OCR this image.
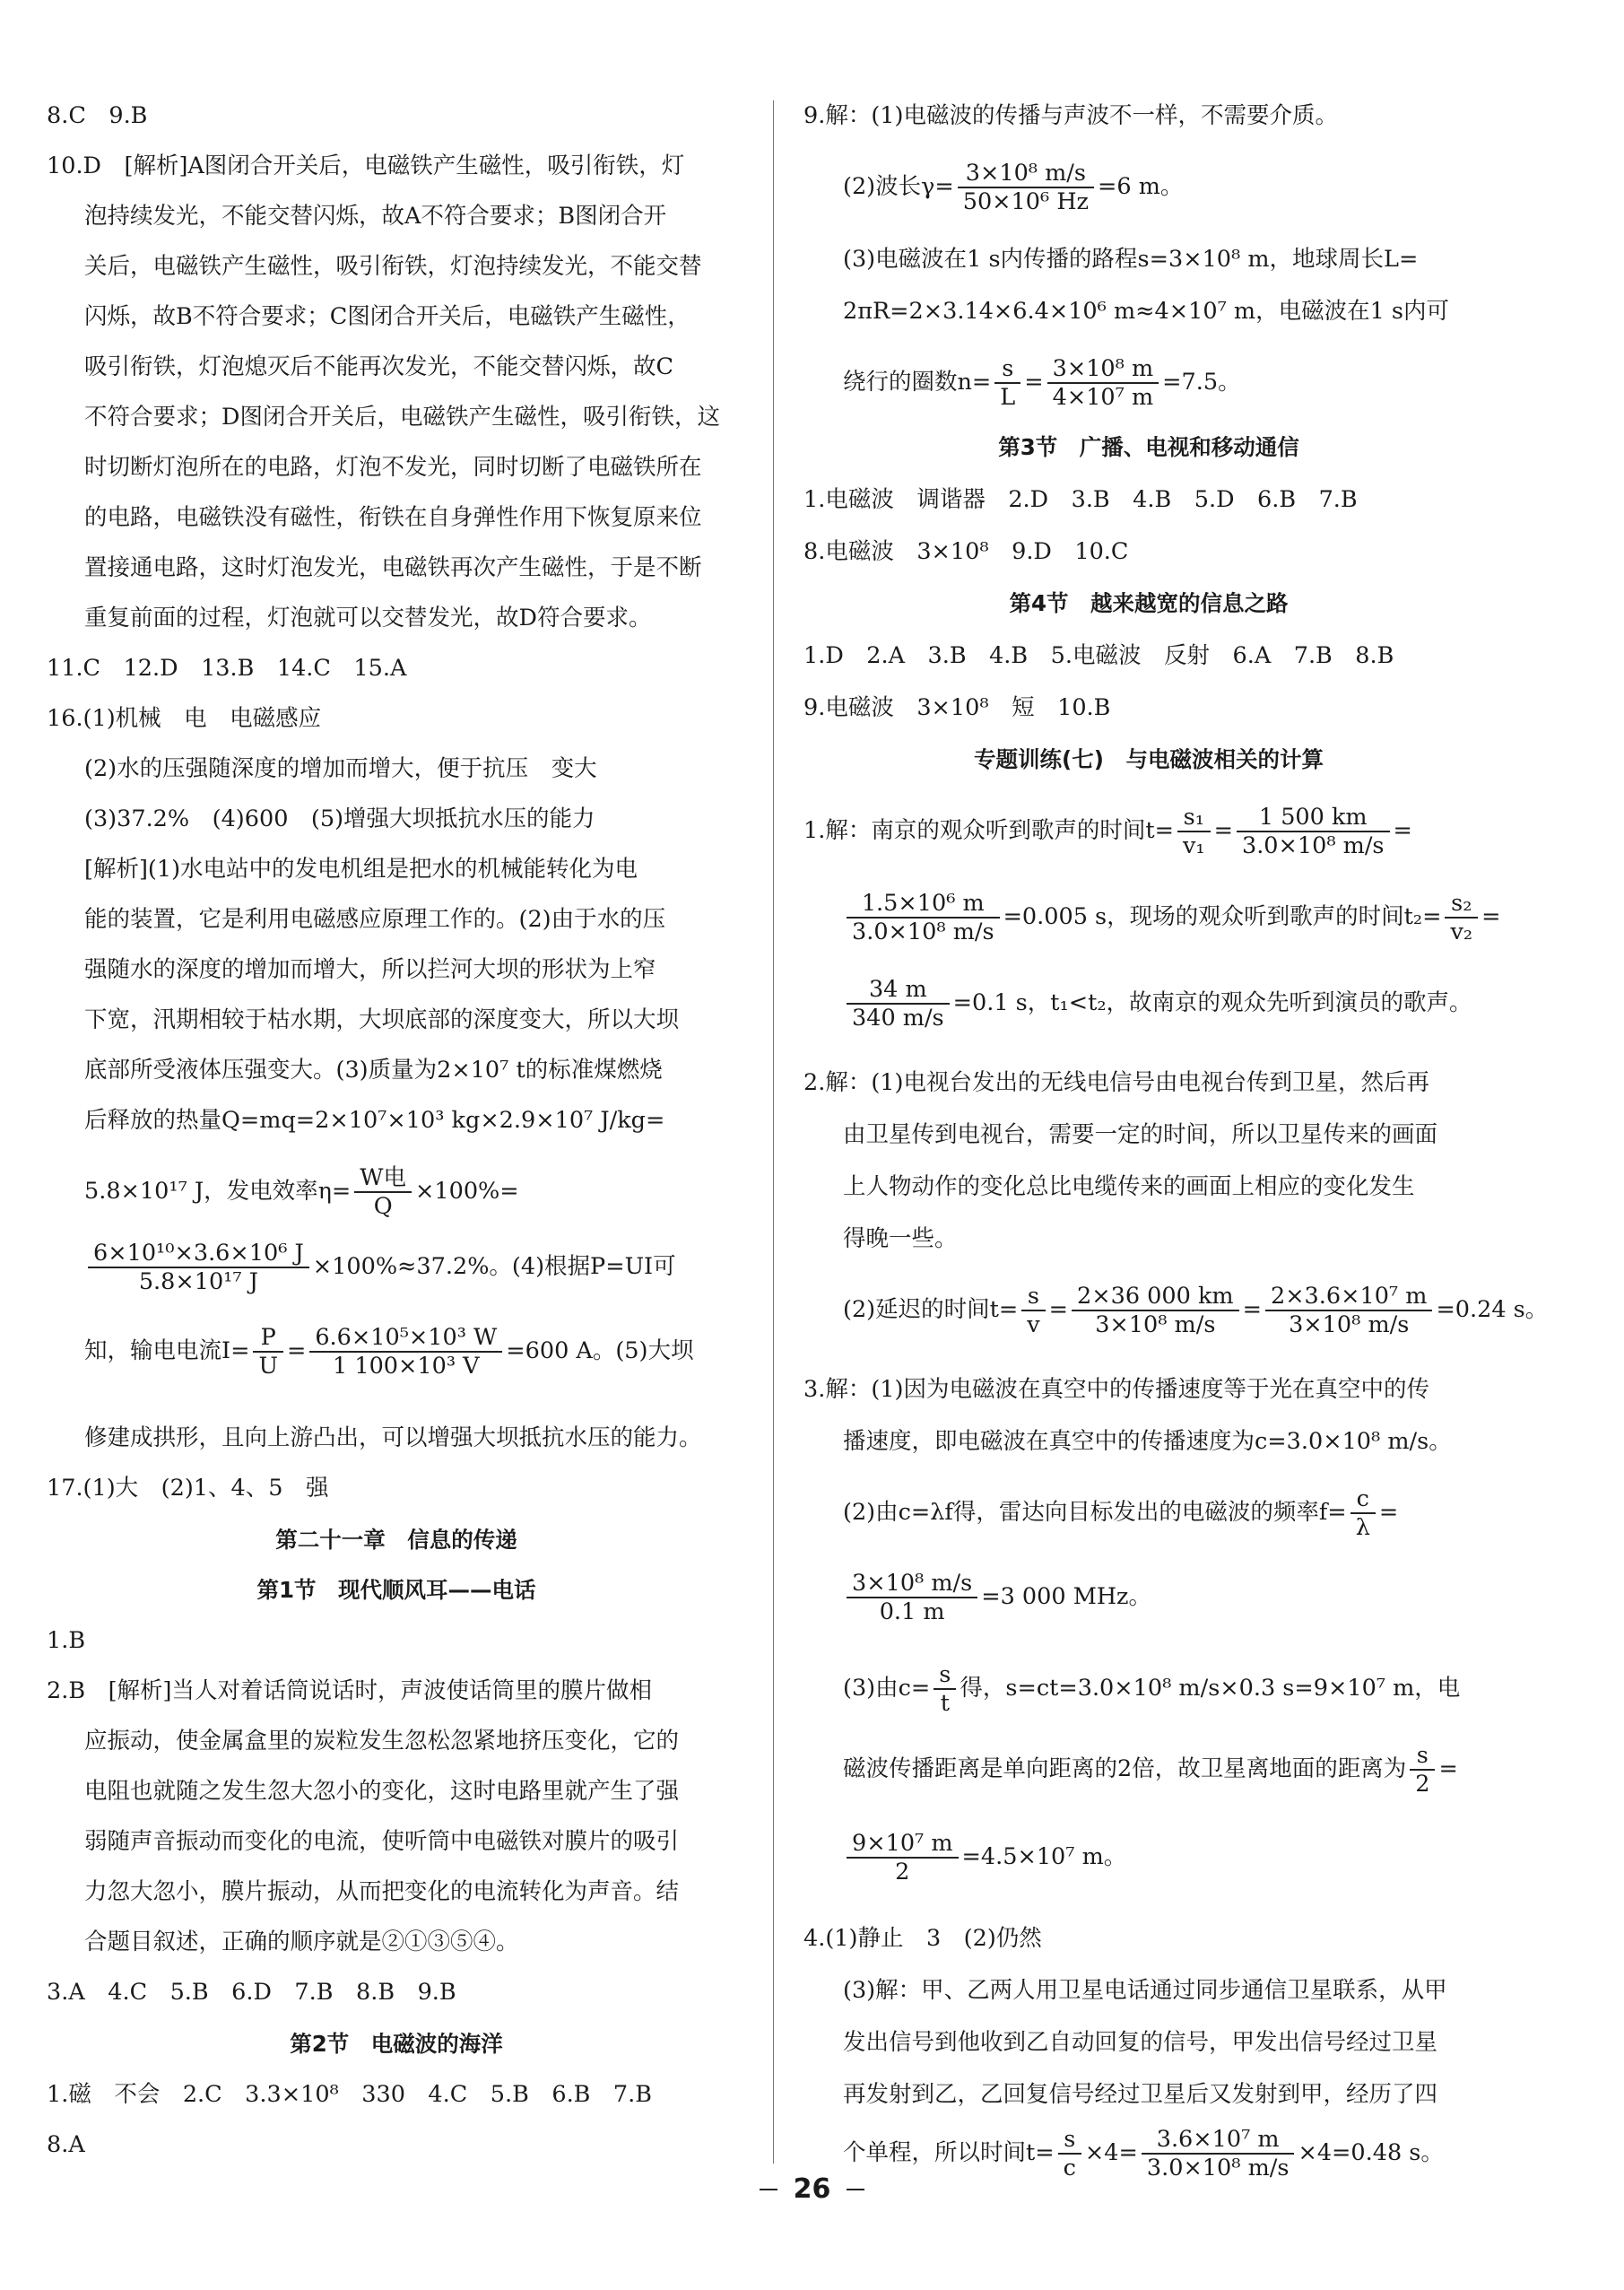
8.C　9.B
10.D　[解析]A图闭合开关后，电磁铁产生磁性，吸引衔铁，灯
泡持续发光，不能交替闪烁，故A不符合要求；B图闭合开
关后，电磁铁产生磁性，吸引衔铁，灯泡持续发光，不能交替
闪烁，故B不符合要求；C图闭合开关后，电磁铁产生磁性，
吸引衔铁，灯泡熄灭后不能再次发光，不能交替闪烁，故C
不符合要求；D图闭合开关后，电磁铁产生磁性，吸引衔铁，这
时切断灯泡所在的电路，灯泡不发光，同时切断了电磁铁所在
的电路，电磁铁没有磁性，衔铁在自身弹性作用下恢复原来位
置接通电路，这时灯泡发光，电磁铁再次产生磁性，于是不断
重复前面的过程，灯泡就可以交替发光，故D符合要求。
11.C　12.D　13.B　14.C　15.A
16.(1)机械　电　电磁感应
(2)水的压强随深度的增加而增大，便于抗压　变大
(3)37.2%　(4)600　(5)增强大坝抵抗水压的能力
[解析](1)水电站中的发电机组是把水的机械能转化为电
能的装置，它是利用电磁感应原理工作的。(2)由于水的压
强随水的深度的增加而增大，所以拦河大坝的形状为上窄
下宽，汛期相较于枯水期，大坝底部的深度变大，所以大坝
底部所受液体压强变大。(3)质量为2×10⁷ t的标准煤燃烧
后释放的热量Q=mq=2×10⁷×10³ kg×2.9×10⁷ J/kg=
5.8×10¹⁷ J，发电效率$\eta= \frac{\text{W电}}{Q} \times 100\%=$
$\frac{\text{6×10¹⁰×3.6×10⁶ J}}{\text{5.8×10¹⁷ J}} \times 100\%\approx 37.2\%$。(4)根据P=UI可
知，输电电流$I= \frac{P}{U} = \frac{\text{6.6×10⁵×10³ W}}{\text{1 100×10³ V}} =600$ A。(5)大坝
修建成拱形，且向上游凸出，可以增强大坝抵抗水压的能力。
17.(1)大　(2)1、4、5　强
第二十一章　信息的传递
第1节　现代顺风耳——电话
1.B
2.B　[解析]当人对着话筒说话时，声波使话筒里的膜片做相
应振动，使金属盒里的炭粒发生忽松忽紧地挤压变化，它的
电阻也就随之发生忽大忽小的变化，这时电路里就产生了强
弱随声音振动而变化的电流，使听筒中电磁铁对膜片的吸引
力忽大忽小，膜片振动，从而把变化的电流转化为声音。结
合题目叙述，正确的顺序就是②①③⑤④。
3.A　4.C　5.B　6.D　7.B　8.B　9.B
第2节　电磁波的海洋
1.磁　不会　2.C　3.3×10⁸　330　4.C　5.B　6.B　7.B
8.A
9.解：(1)电磁波的传播与声波不一样，不需要介质。
(2)波长$\gamma= \frac{\text{3×10⁸ m/s}}{\text{50×10⁶ Hz}} =6$ m。
(3)电磁波在1 s内传播的路程s=3×10⁸ m，地球周长L=
2πR=2×3.14×6.4×10⁶ m≈4×10⁷ m，电磁波在1 s内可
绕行的圈数$n= \frac{s}{L} = \frac{\text{3×10⁸ m}}{\text{4×10⁷ m}} =7.5$。
第3节　广播、电视和移动通信
1.电磁波　调谐器　2.D　3.B　4.B　5.D　6.B　7.B
8.电磁波　3×10⁸　9.D　10.C
第4节　越来越宽的信息之路
1.D　2.A　3.B　4.B　5.电磁波　反射　6.A　7.B　8.B
9.电磁波　3×10⁸　短　10.B
专题训练(七)　与电磁波相关的计算
1.解：南京的观众听到歌声的时间$t= \frac{\text{s₁}}{\text{v₁}} = \frac{1 500 km}{\text{3.0×10⁸ m/s}}$ =
$\frac{\text{1.5×10⁶ m}}{\text{3.0×10⁸ m/s}} =0.005$ s，现场的观众听到歌声的时间$t_2= \frac{\text{s₂}}{\text{v₂}}$ =
$\frac{34 m}{340 m/s} =0.1$ s，t₁<t₂，故南京的观众先听到演员的歌声。
2.解：(1)电视台发出的无线电信号由电视台传到卫星，然后再
由卫星传到电视台，需要一定的时间，所以卫星传来的画面
上人物动作的变化总比电缆传来的画面上相应的变化发生
得晚一些。
(2)延迟的时间$t= \frac{s}{v} = \frac{2\times 36 000 km}{\text{3×10⁸ m/s}} = \frac{\text{2×3.6×10⁷ m}}{\text{3×10⁸ m/s}} =0.24$ s。
3.解：(1)因为电磁波在真空中的传播速度等于光在真空中的传
播速度，即电磁波在真空中的传播速度为c=3.0×10⁸ m/s。
(2)由c=λf得，雷达向目标发出的电磁波的频率$f= \frac{c}{\lambda}$ =
$\frac{\text{3×10⁸ m/s}}{0.1 m} =3$ 000 MHz。
(3)由$c= \frac{s}{t}$ 得，s=ct=3.0×10⁸ m/s×0.3 s=9×10⁷ m，电
磁波传播距离是单向距离的2倍，故卫星离地面的距离为 $\frac{s}{2}$ =
$\frac{\text{9×10⁷ m}}{2} =4.5\times 10^7$ m。
4.(1)静止　3　(2)仍然
(3)解：甲、乙两人用卫星电话通过同步通信卫星联系，从甲
发出信号到他收到乙自动回复的信号，甲发出信号经过卫星
再发射到乙，乙回复信号经过卫星后又发射到甲，经历了四
个单程，所以时间$t= \frac{s}{c} \times 4= \frac{\text{3.6×10⁷ m}}{\text{3.0×10⁸ m/s}} \times 4=0.48$ s。
26
